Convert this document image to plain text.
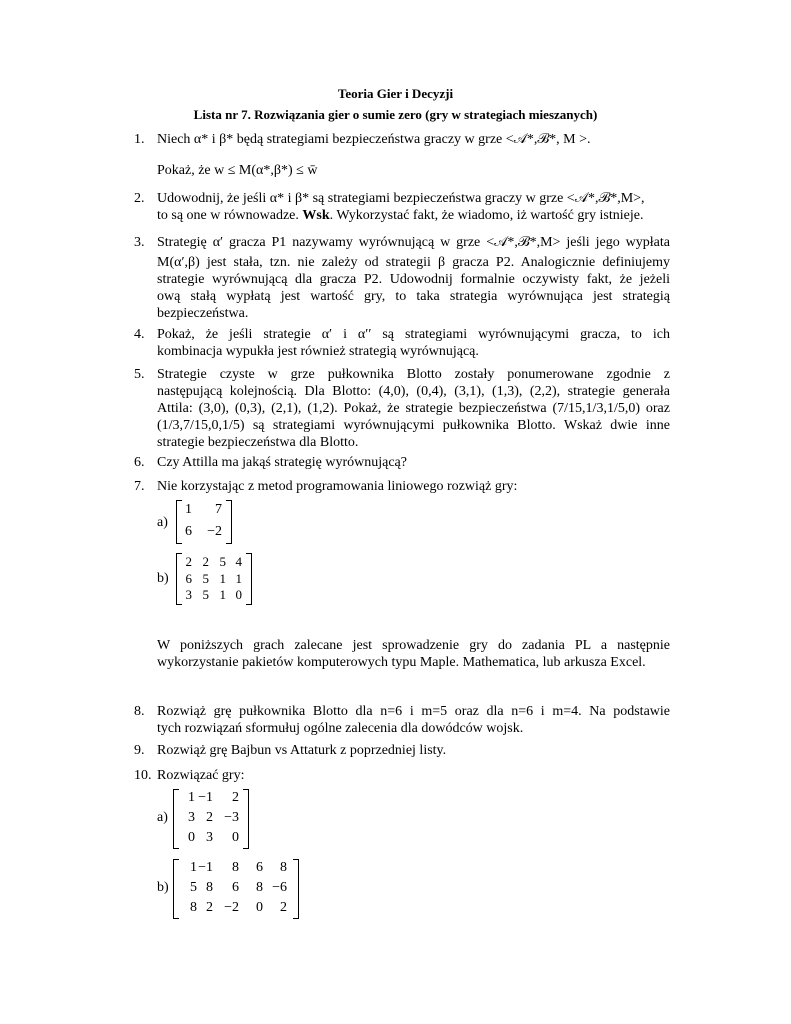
Teoria Gier i Decyzji
Lista nr 7. Rozwiązania gier o sumie zero (gry w strategiach mieszanych)
1. Niech α* i β* będą strategiami bezpieczeństwa graczy w grze <𝒜*,ℬ*, M >.
Pokaż, że w ≤ M(α*,β*) ≤ w̄
2. Udowodnij, że jeśli α* i β* są strategiami bezpieczeństwa graczy w grze <𝒜*,ℬ*,M>,
to są one w równowadze. Wsk. Wykorzystać fakt, że wiadomo, iż wartość gry istnieje.
3. Strategię α′ gracza P1 nazywamy wyrównującą w grze <𝒜*,ℬ*,M> jeśli jego wypłata
M(α′,β) jest stała, tzn. nie zależy od strategii β gracza P2. Analogicznie definiujemy
strategie wyrównującą dla gracza P2. Udowodnij formalnie oczywisty fakt, że jeżeli
ową stałą wypłatą jest wartość gry, to taka strategia wyrównująca jest strategią
bezpieczeństwa.
4. Pokaż, że jeśli strategie α′ i α′′ są strategiami wyrównującymi gracza, to ich
kombinacja wypukła jest również strategią wyrównującą.
5. Strategie czyste w grze pułkownika Blotto zostały ponumerowane zgodnie z
następującą kolejnością. Dla Blotto: (4,0), (0,4), (3,1), (1,3), (2,2), strategie generała
Attila: (3,0), (0,3), (2,1), (1,2). Pokaż, że strategie bezpieczeństwa (7/15,1/3,1/5,0) oraz
(1/3,7/15,0,1/5) są strategiami wyrównującymi pułkownika Blotto. Wskaż dwie inne
strategie bezpieczeństwa dla Blotto.
6. Czy Attilla ma jakąś strategię wyrównującą?
7. Nie korzystając z metod programowania liniowego rozwiąż gry:
a)
1	7
6	−2
b)
2 2 5 4
6 5 1 1
3 5 1 0
W poniższych grach zalecane jest sprowadzenie gry do zadania PL a następnie
wykorzystanie pakietów komputerowych typu Maple. Mathematica, lub arkusza Excel.
8. Rozwiąż grę pułkownika Blotto dla n=6 i m=5 oraz dla n=6 i m=4. Na podstawie
tych rozwiązań sformułuj ogólne zalecenia dla dowódców wojsk.
9. Rozwiąż grę Bajbun vs Attaturk z poprzedniej listy.
10. Rozwiązać gry:
a)
1 −1	2
3 2 −3
0 3	0
b)
1 −1	8	6	8
5 8	6	8 −6
8 2 −2	0	2
